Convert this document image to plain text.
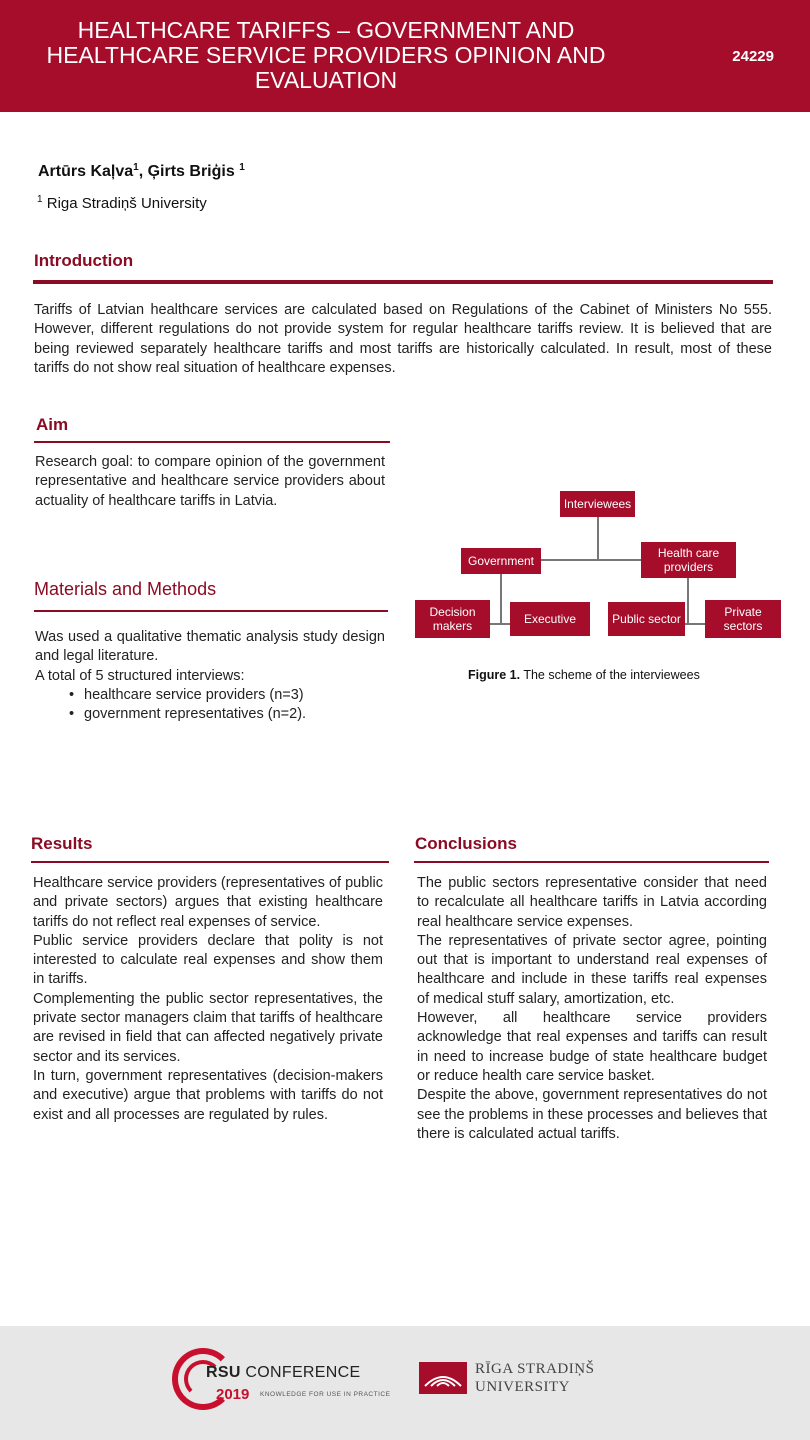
HEALTHCARE TARIFFS – GOVERNMENT AND HEALTHCARE SERVICE PROVIDERS OPINION AND EVALUATION
24229
Artūrs Kaļva$^1$, Ģirts Briģis $^1$
$^1$ Riga Stradiņš University
Introduction
Tariffs of Latvian healthcare services are calculated based on Regulations of the Cabinet of Ministers No 555. However, different regulations do not provide system for regular healthcare tariffs review. It is believed that are being reviewed separately healthcare tariffs and most tariffs are historically calculated. In result, most of these tariffs do not show real situation of healthcare expenses.
Aim
Research goal: to compare opinion of the government representative and healthcare service providers about actuality of healthcare tariffs in Latvia.
Materials and Methods

Was used a qualitative thematic analysis study design and legal literature.

A total of 5 structured interviews:

• healthcare service providers (n=3)
• government representatives (n=2).
Interviewees
Government
Health care providers
Decision makers	Executive	Public sector	Private sectors
Figure 1. The scheme of the interviewees
Results

Healthcare service providers (representatives of public and private sectors) argues that existing healthcare tariffs do not reflect real expenses of service.

Public service providers declare that polity is not interested to calculate real expenses and show them in tariffs.

Complementing the public sector representatives, the private sector managers claim that tariffs of healthcare are revised in field that can affected negatively private sector and its services.

In turn, government representatives (decision-makers and executive) argue that problems with tariffs do not exist and all processes are regulated by rules.

Conclusions

The public sectors representative consider that need to recalculate all healthcare tariffs in Latvia according real healthcare service expenses.

The representatives of private sector agree, pointing out that is important to understand real expenses of healthcare and include in these tariffs real expenses of medical stuff salary, amortization, etc.

However, all healthcare service providers acknowledge that real expenses and tariffs can result in need to increase budge of state healthcare budget or reduce health care service basket.

Despite the above, government representatives do not see the problems in these processes and believes that there is calculated actual tariffs.

RSU CONFERENCE
2019 KNOWLEDGE FOR USE IN PRACTICE
RĪGA STRADIŅŠ
UNIVERSITY
